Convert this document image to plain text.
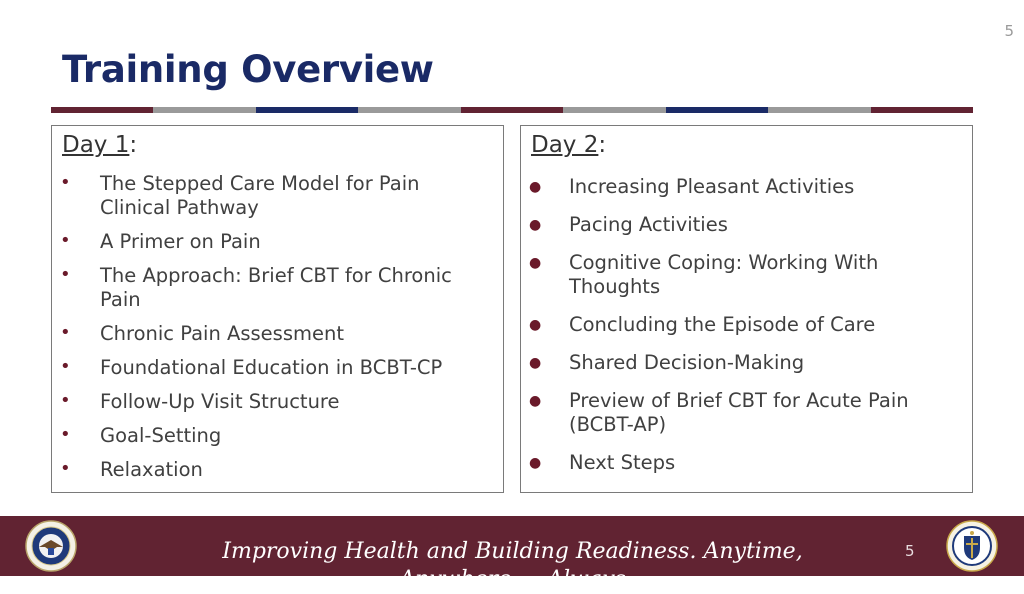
5
Training Overview
Day 1:
• The Stepped Care Model for Pain Clinical Pathway
• A Primer on Pain
• The Approach: Brief CBT for Chronic Pain
• Chronic Pain Assessment
• Foundational Education in BCBT-CP
• Follow-Up Visit Structure
• Goal-Setting
• Relaxation
Day 2:
● Increasing Pleasant Activities
● Pacing Activities
● Cognitive Coping: Working With Thoughts
● Concluding the Episode of Care
● Shared Decision-Making
● Preview of Brief CBT for Acute Pain (BCBT-AP)
● Next Steps
Improving Health and Building Readiness. Anytime, Anywhere — Always
5
